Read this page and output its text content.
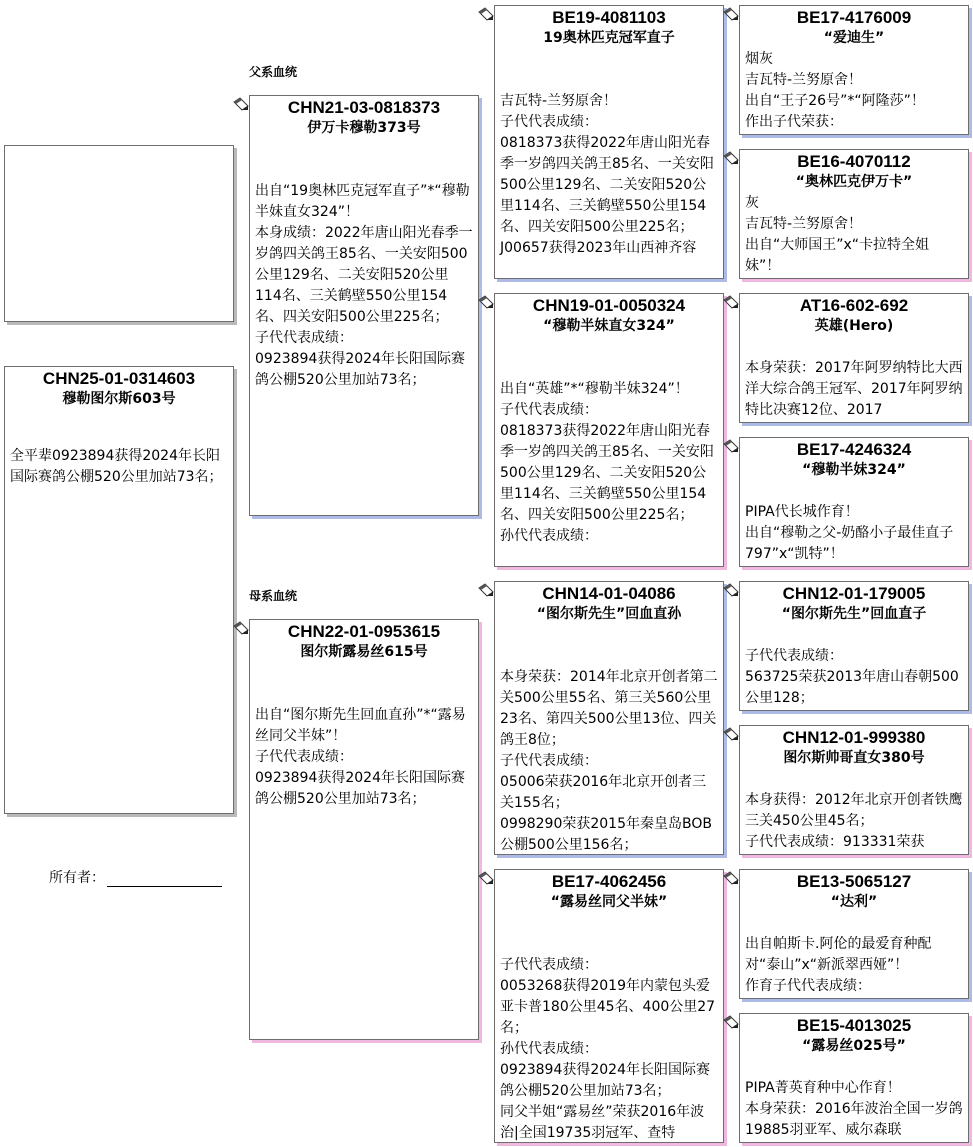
CHN25-01-0314603
穆勒图尔斯603号
全平辈0923894获得2024年长阳国际赛鸽公棚520公里加站73名；
所有者：
父系血统
母系血统
CHN21-03-0818373
伊万卡穆勒373号
出自“19奥林匹克冠军直子”*“穆勒半妹直女324”！
本身成绩：2022年唐山阳光春季一岁鸽四关鸽王85名、一关安阳500公里129名、二关安阳520公里114名、三关鹤壁550公里154名、四关安阳500公里225名；
子代代表成绩：
0923894获得2024年长阳国际赛鸽公棚520公里加站73名；
CHN22-01-0953615
图尔斯露易丝615号
出自“图尔斯先生回血直孙”*“露易丝同父半妹”！
子代代表成绩：
0923894获得2024年长阳国际赛鸽公棚520公里加站73名；
BE19-4081103
19奥林匹克冠军直子
吉瓦特-兰努原舍！
子代代表成绩：
0818373获得2022年唐山阳光春季一岁鸽四关鸽王85名、一关安阳500公里129名、二关安阳520公里114名、三关鹤壁550公里154名、四关安阳500公里225名；
J00657获得2023年山西神齐容
CHN19-01-0050324
“穆勒半妹直女324”
出自“英雄”*“穆勒半妹324”！
子代代表成绩：
0818373获得2022年唐山阳光春季一岁鸽四关鸽王85名、一关安阳500公里129名、二关安阳520公里114名、三关鹤壁550公里154名、四关安阳500公里225名；
孙代代表成绩：
CHN14-01-04086
“图尔斯先生”回血直孙
本身荣获：2014年北京开创者第二关500公里55名、第三关560公里23名、第四关500公里13位、四关鸽王8位；
子代代表成绩：
05006荣获2016年北京开创者三关155名；
0998290荣获2015年秦皇岛BOB公棚500公里156名；
BE17-4062456
“露易丝同父半妹”
子代代表成绩：
0053268获得2019年内蒙包头爱亚卡普180公里45名、400公里27名；
孙代代表成绩：
0923894获得2024年长阳国际赛鸽公棚520公里加站73名；
同父半姐“露易丝”荣获2016年波治|全国19735羽冠军、查特
BE17-4176009
“爱迪生”
烟灰
吉瓦特-兰努原舍！
出自“王子26号”*“阿隆莎”！
作出子代荣获：
BE16-4070112
“奥林匹克伊万卡”
灰
吉瓦特-兰努原舍！
出自“大师国王”x“卡拉特全姐妹”！
AT16-602-692
英雄(Hero)
本身荣获：2017年阿罗纳特比大西洋大综合鸽王冠军、2017年阿罗纳特比决赛12位、2017
BE17-4246324
“穆勒半妹324”
PIPA代长城作育！
出自“穆勒之父-奶酪小子最佳直子797”x“凯特”！
CHN12-01-179005
“图尔斯先生”回血直子
子代代表成绩：
563725荣获2013年唐山春朝500公里128；
CHN12-01-999380
图尔斯帅哥直女380号
本身获得：2012年北京开创者铁鹰三关450公里45名；
子代代表成绩：913331荣获
BE13-5065127
“达利”
出自帕斯卡.阿伦的最爱育种配对“泰山”x“新派翠西娅”！
作育子代代表成绩：
BE15-4013025
“露易丝025号”
PIPA菁英育种中心作育！
本身荣获：2016年波治全国一岁鸽19885羽亚军、威尔森联
